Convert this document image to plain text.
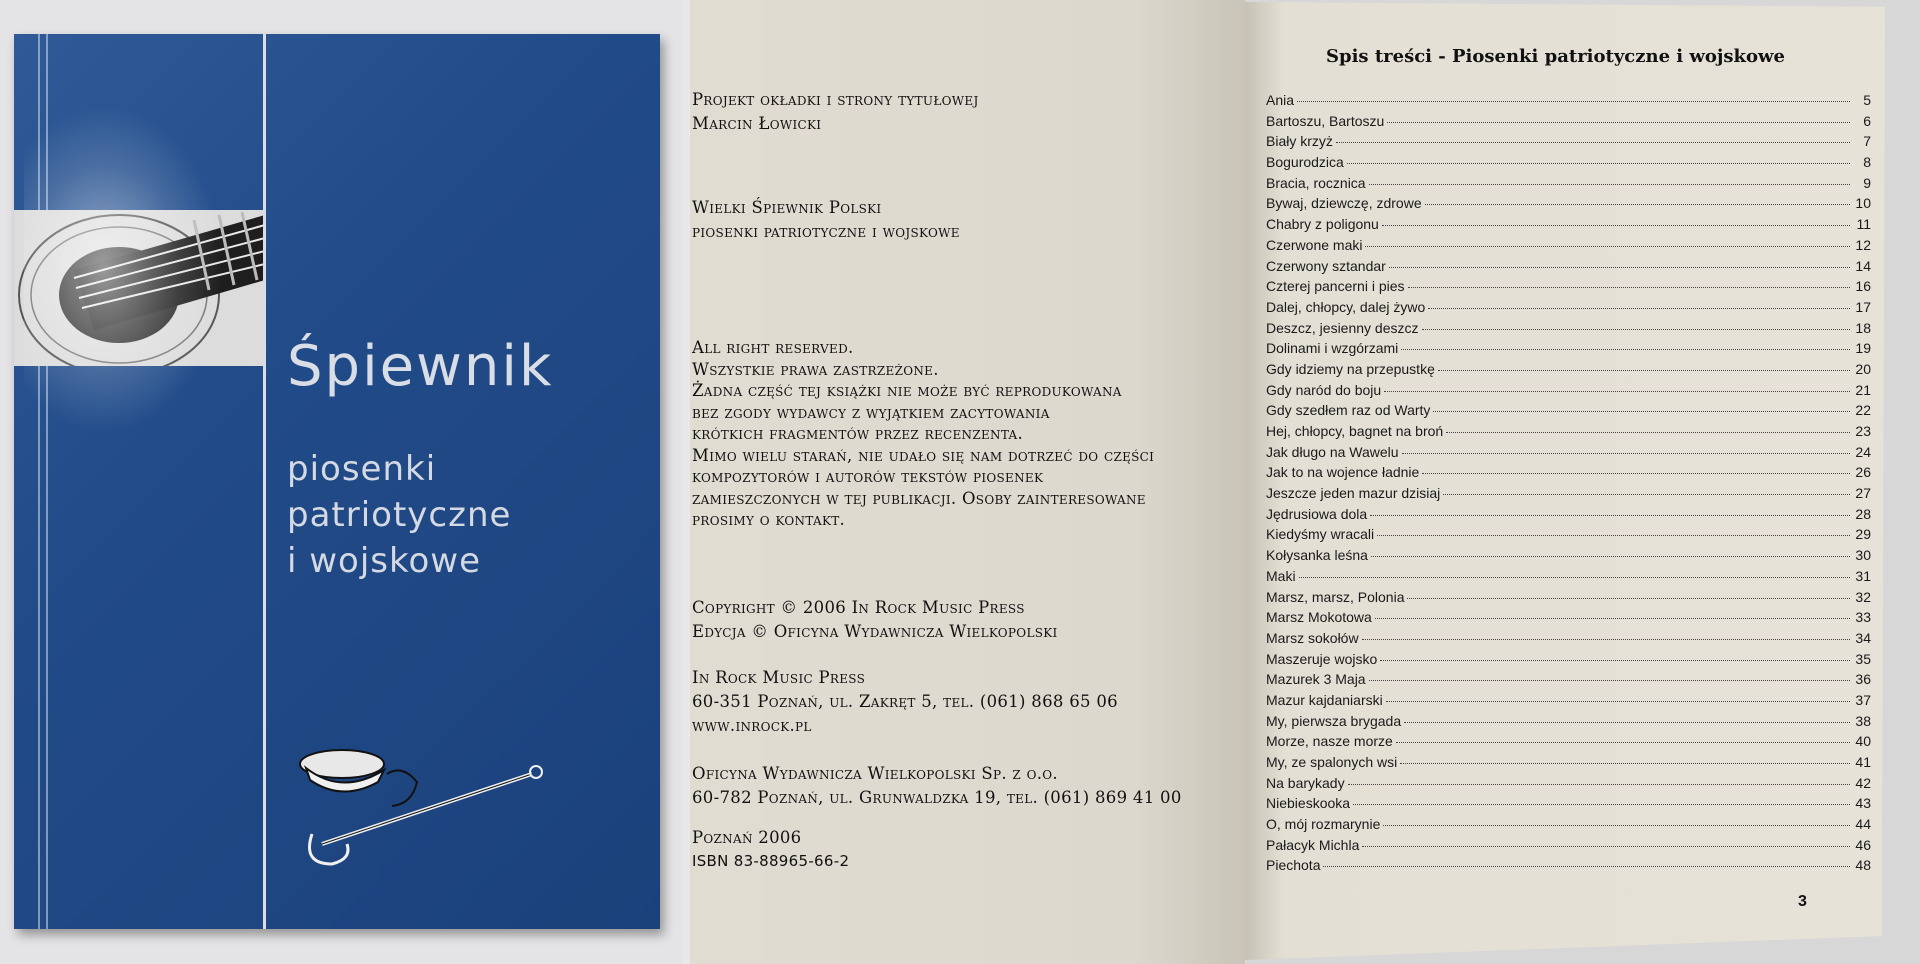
Śpiewnik
piosenki
patriotyczne
i wojskowe
Projekt okładki i strony tytułowej
Marcin Łowicki
Wielki Śpiewnik Polski
piosenki patriotyczne i wojskowe
All right reserved.
Wszystkie prawa zastrzeżone.
Żadna część tej książki nie może być reprodukowana
bez zgody wydawcy z wyjątkiem zacytowania
krótkich fragmentów przez recenzenta.
Mimo wielu starań, nie udało się nam dotrzeć do części
kompozytorów i autorów tekstów piosenek
zamieszczonych w tej publikacji. Osoby zainteresowane
prosimy o kontakt.
Copyright © 2006 In Rock Music Press
Edycja © Oficyna Wydawnicza Wielkopolski
In Rock Music Press
60-351 Poznań, ul. Zakręt 5, tel. (061) 868 65 06
www.inrock.pl
Oficyna Wydawnicza Wielkopolski Sp. z o.o.
60-782 Poznań, ul. Grunwaldzka 19, tel. (061) 869 41 00
Poznań 2006
ISBN 83-88965-66-2
Spis treści - Piosenki patriotyczne i wojskowe
Ania	5
Bartoszu, Bartoszu	6
Biały krzyż	7
Bogurodzica	8
Bracia, rocznica	9
Bywaj, dziewczę, zdrowe	10
Chabry z poligonu	11
Czerwone maki	12
Czerwony sztandar	14
Czterej pancerni i pies	16
Dalej, chłopcy, dalej żywo	17
Deszcz, jesienny deszcz	18
Dolinami i wzgórzami	19
Gdy idziemy na przepustkę	20
Gdy naród do boju	21
Gdy szedłem raz od Warty	22
Hej, chłopcy, bagnet na broń	23
Jak długo na Wawelu	24
Jak to na wojence ładnie	26
Jeszcze jeden mazur dzisiaj	27
Jędrusiowa dola	28
Kiedyśmy wracali	29
Kołysanka leśna	30
Maki	31
Marsz, marsz, Polonia	32
Marsz Mokotowa	33
Marsz sokołów	34
Maszeruje wojsko	35
Mazurek 3 Maja	36
Mazur kajdaniarski	37
My, pierwsza brygada	38
Morze, nasze morze	40
My, ze spalonych wsi	41
Na barykady	42
Niebieskooka	43
O, mój rozmarynie	44
Pałacyk Michla	46
Piechota	48
3
